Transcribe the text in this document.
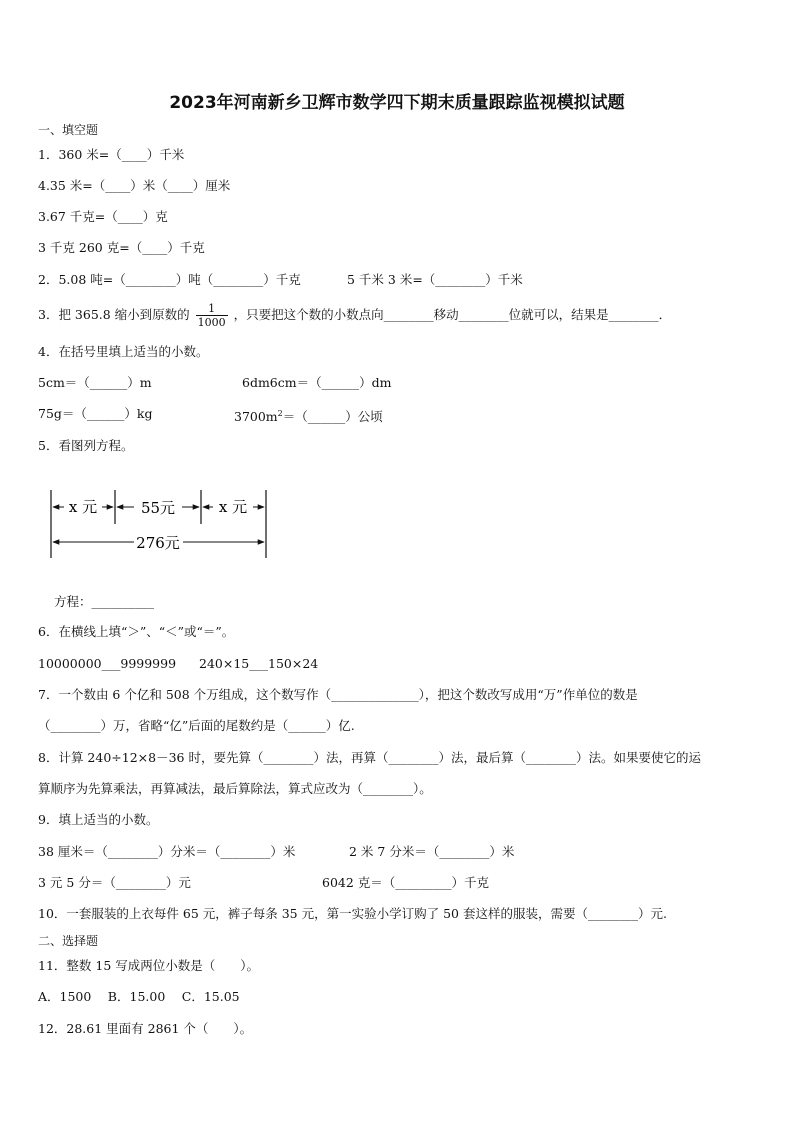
2023年河南新乡卫辉市数学四下期末质量跟踪监视模拟试题
一、填空题
1．360 米=（____）千米
4.35 米=（____）米（____）厘米
3.67 千克=（____）克
3 千克 260 克=（____）千克
2．5.08 吨=（________）吨（________）千克	5 千米 3 米=（________）千米
3．把 365.8 缩小到原数的 $\frac{1}{1000}$ ，只要把这个数的小数点向________移动________位就可以，结果是________．
4．在括号里填上适当的小数。
5cm＝（______）m	6dm6cm＝（______）dm
75g＝（______）kg	$3700m^2=(\_\_\_\_\_\_)$公顷
5．看图列方程。
x 元	55元	x 元
276元
方程：__________
6．在横线上填“＞”、“＜”或“＝”。
10000000___9999999 240×15___150×24
7．一个数由 6 个亿和 508 个万组成，这个数写作（______________），把这个数改写成用“万”作单位的数是
（________）万，省略“亿”后面的尾数约是（______）亿.
8．计算 240÷12×8－36 时，要先算（________）法，再算（________）法，最后算（________）法。如果要使它的运
算顺序为先算乘法，再算减法，最后算除法，算式应改为（________）。
9．填上适当的小数。
38 厘米＝（________）分米＝（________）米	2 米 7 分米＝（________）米
3 元 5 分＝（________）元	6042 克＝（_________）千克
10．一套服装的上衣每件 65 元，裤子每条 35 元，第一实验小学订购了 50 套这样的服装，需要（________）元.
二、选择题
11．整数 15 写成两位小数是（　　）。
A．1500　 B．15.00　 C．15.05
12．28.61 里面有 2861 个（　　）。
